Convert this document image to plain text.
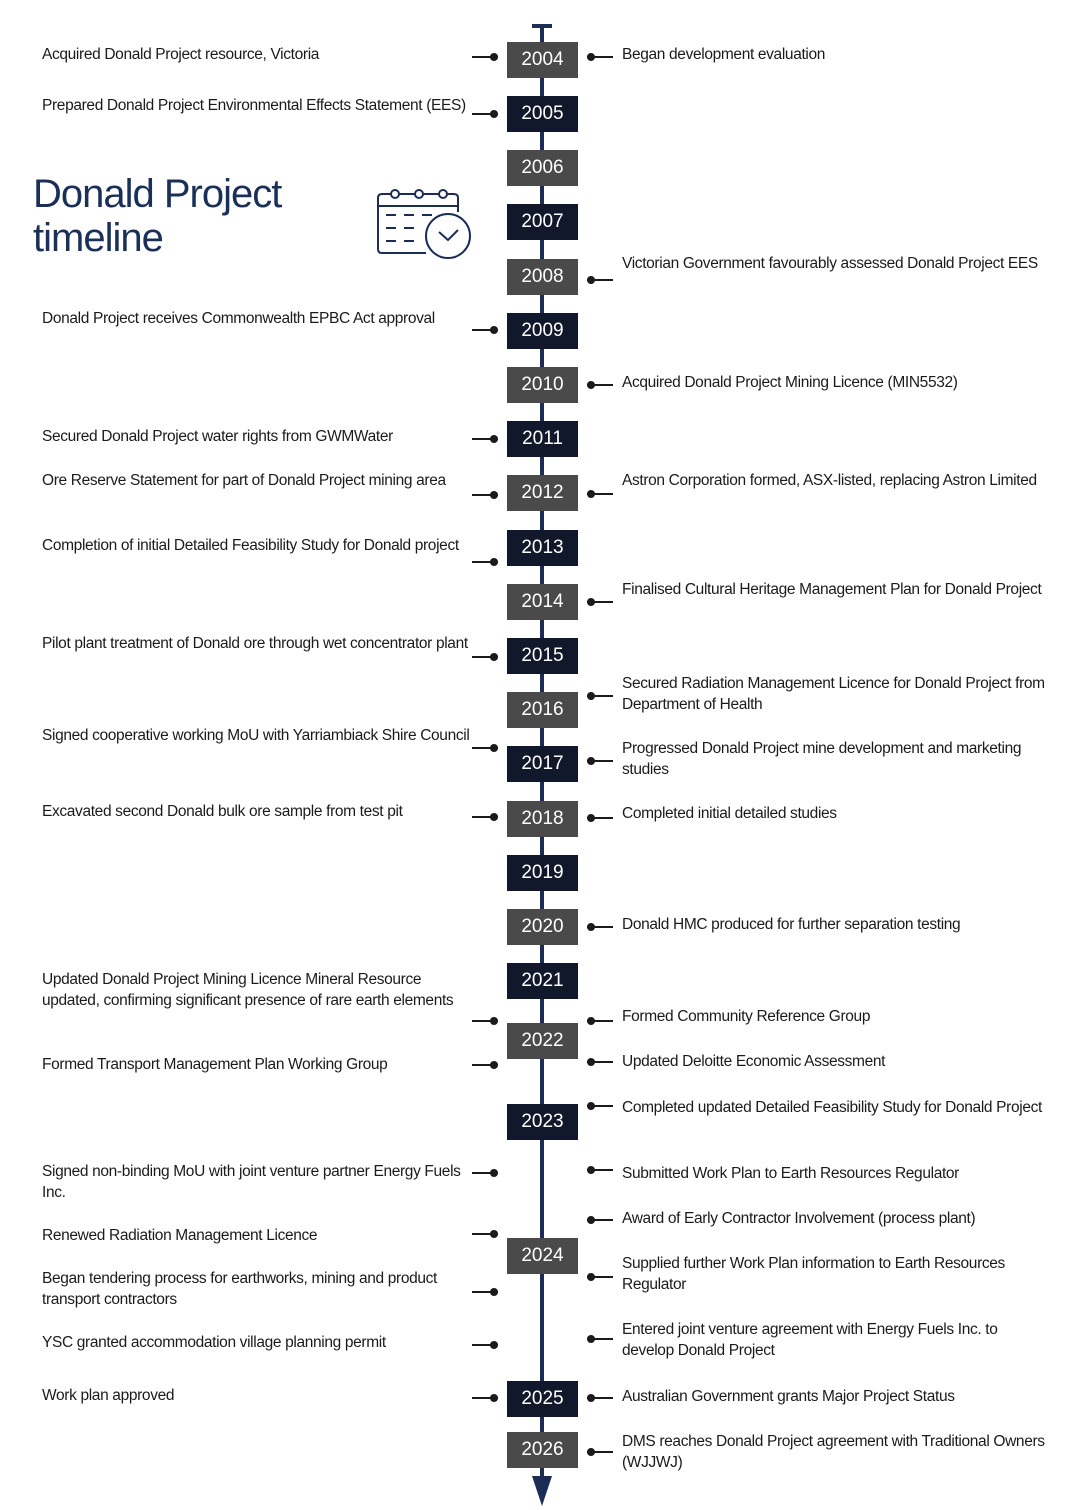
Donald Project
timeline
2004
2005
2006
2007
2008
2009
2010
2011
2012
2013
2014
2015
2016
2017
2018
2019
2020
2021
2022
2023
2024
2025
2026
Acquired Donald Project resource, Victoria
Prepared Donald Project Environmental Effects Statement (EES)
Donald Project receives Commonwealth EPBC Act approval
Secured Donald Project water rights from GWMWater
Ore Reserve Statement for part of Donald Project mining area
Completion of initial Detailed Feasibility Study for Donald project
Pilot plant treatment of Donald ore through wet concentrator plant
Signed cooperative working MoU with Yarriambiack Shire Council
Excavated second Donald bulk ore sample from test pit
Updated Donald Project Mining Licence Mineral Resource updated, confirming significant presence of rare earth elements
Formed Transport Management Plan Working Group
Signed non-binding MoU with joint venture partner Energy Fuels Inc.
Renewed Radiation Management Licence
Began tendering process for earthworks, mining and product transport contractors
YSC granted accommodation village planning permit
Work plan approved
Began development evaluation
Victorian Government favourably assessed Donald Project EES
Acquired Donald Project Mining Licence (MIN5532)
Astron Corporation formed, ASX-listed, replacing Astron Limited
Finalised Cultural Heritage Management Plan for Donald Project
Secured Radiation Management Licence for Donald Project from Department of Health
Progressed Donald Project mine development and marketing studies
Completed initial detailed studies
Donald HMC produced for further separation testing
Formed Community Reference Group
Updated Deloitte Economic Assessment
Completed updated Detailed Feasibility Study for Donald Project
Submitted Work Plan to Earth Resources Regulator
Award of Early Contractor Involvement (process plant)
Supplied further Work Plan information to Earth Resources Regulator
Entered joint venture agreement with Energy Fuels Inc. to develop Donald Project
Australian Government grants Major Project Status
DMS reaches Donald Project agreement with Traditional Owners (WJJWJ)
